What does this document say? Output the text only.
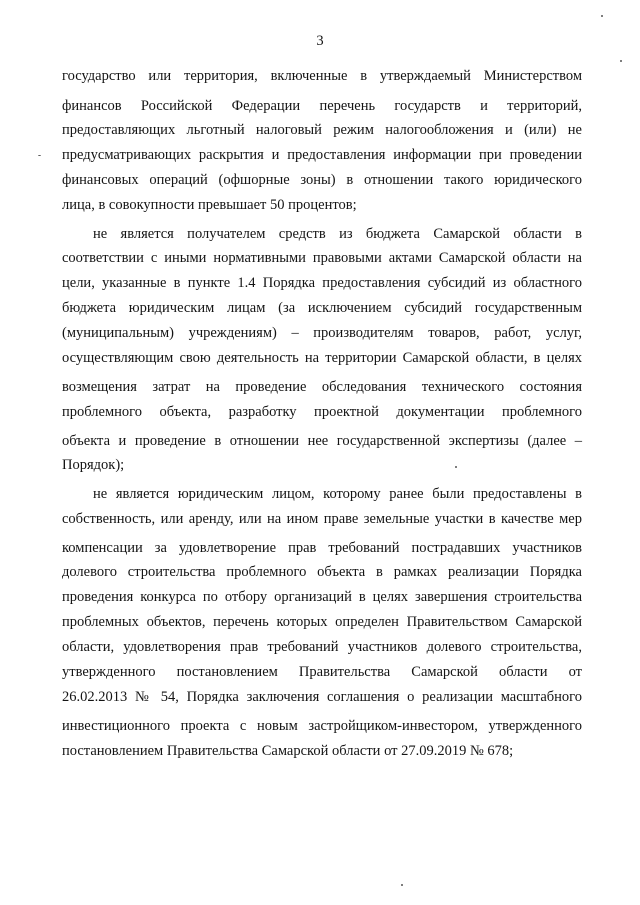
3
государство или территория, включенные в утверждаемый Министерством
финансов Российской Федерации перечень государств и территорий,
предоставляющих льготный налоговый режим налогообложения и (или) не
предусматривающих раскрытия и предоставления информации при проведении
финансовых операций (офшорные зоны) в отношении такого юридического
лица, в совокупности превышает 50 процентов;
не является получателем средств из бюджета Самарской области в
соответствии с иными нормативными правовыми актами Самарской области на
цели, указанные в пункте 1.4 Порядка предоставления субсидий из областного
бюджета юридическим лицам (за исключением субсидий государственным
(муниципальным) учреждениям) – производителям товаров, работ, услуг,
осуществляющим свою деятельность на территории Самарской области, в целях
возмещения затрат на проведение обследования технического состояния
проблемного объекта, разработку проектной документации проблемного
объекта и проведение в отношении нее государственной экспертизы (далее –
Порядок);
не является юридическим лицом, которому ранее были предоставлены в
собственность, или аренду, или на ином праве земельные участки в качестве мер
компенсации за удовлетворение прав требований пострадавших участников
долевого строительства проблемного объекта в рамках реализации Порядка
проведения конкурса по отбору организаций в целях завершения строительства
проблемных объектов, перечень которых определен Правительством Самарской
области, удовлетворения прав требований участников долевого строительства,
утвержденного постановлением Правительства Самарской области от
26.02.2013 № 54, Порядка заключения соглашения о реализации масштабного
инвестиционного проекта с новым застройщиком-инвестором, утвержденного
постановлением Правительства Самарской области от 27.09.2019 № 678;
